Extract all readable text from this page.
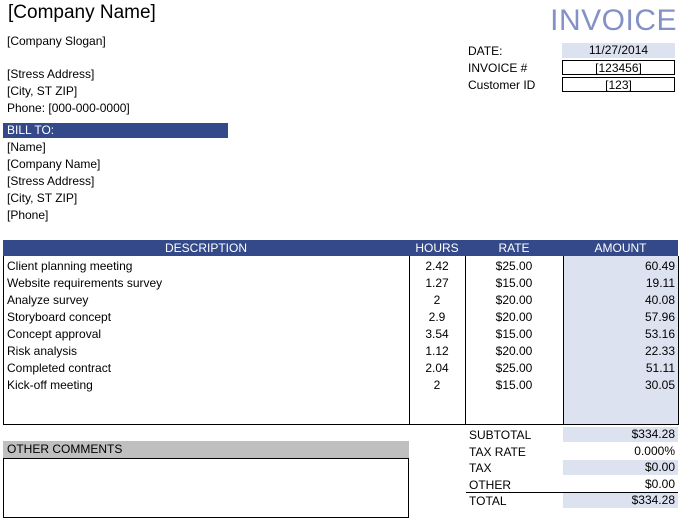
[Company Name]	INVOICE
[Company Slogan]
[Stress Address]
[City, ST ZIP]
Phone: [000-000-0000]
DATE:	11/27/2014
INVOICE #	[123456]
Customer ID	[123]
BILL TO:
[Name]
[Company Name]
[Stress Address]
[City, ST ZIP]
[Phone]
DESCRIPTION	HOURS	RATE	AMOUNT
Client planning meeting	2.42	$25.00	60.49
Website requirements survey	1.27	$15.00	19.11
Analyze survey	2	$20.00	40.08
Storyboard concept	2.9	$20.00	57.96
Concept approval	3.54	$15.00	53.16
Risk analysis	1.12	$20.00	22.33
Completed contract	2.04	$25.00	51.11
Kick-off meeting	2	$15.00	30.05
OTHER COMMENTS
SUBTOTAL	$334.28
TAX RATE	0.000%
TAX	$0.00
OTHER	$0.00
TOTAL	$334.28
